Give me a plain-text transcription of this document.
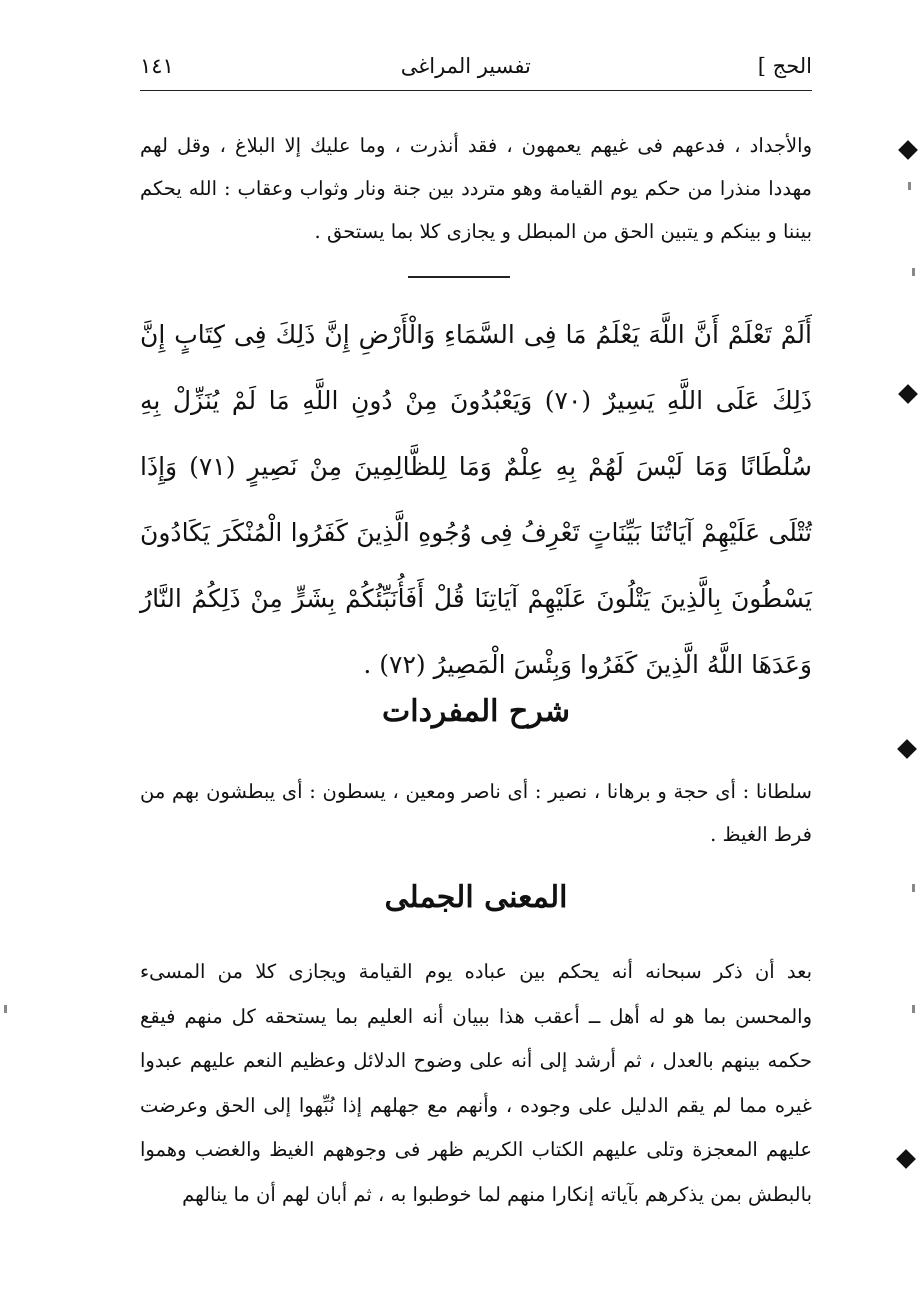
الحج ]
تفسير المراغى
١٤١

والأجداد ، فدعهم فى غيهم يعمهون ، فقد أنذرت ، وما عليك إلا البلاغ ، وقل لهم مهددا منذرا من حكم يوم القيامة وهو متردد بين جنة ونار وثواب وعقاب : الله يحكم بيننا و بينكم و يتبين الحق من المبطل و يجازى كلا بما يستحق .

أَلَمْ تَعْلَمْ أَنَّ اللَّهَ يَعْلَمُ مَا فِى السَّمَاءِ وَالْأَرْضِ إِنَّ ذَلِكَ فِى كِتَابٍ إِنَّ ذَلِكَ عَلَى اللَّهِ يَسِيرٌ (٧٠) وَيَعْبُدُونَ مِنْ دُونِ اللَّهِ مَا لَمْ يُنَزِّلْ بِهِ سُلْطَانًا وَمَا لَيْسَ لَهُمْ بِهِ عِلْمٌ وَمَا لِلظَّالِمِينَ مِنْ نَصِيرٍ (٧١) وَإِذَا تُتْلَى عَلَيْهِمْ آيَاتُنَا بَيِّنَاتٍ تَعْرِفُ فِى وُجُوهِ الَّذِينَ كَفَرُوا الْمُنْكَرَ يَكَادُونَ يَسْطُونَ بِالَّذِينَ يَتْلُونَ عَلَيْهِمْ آيَاتِنَا قُلْ أَفَأُنَبِّئُكُمْ بِشَرٍّ مِنْ ذَلِكُمُ النَّارُ وَعَدَهَا اللَّهُ الَّذِينَ كَفَرُوا وَبِئْسَ الْمَصِيرُ (٧٢) .

شرح المفردات

سلطانا : أى حجة و برهانا ، نصير : أى ناصر ومعين ، يسطون : أى يبطشون بهم من فرط الغيظ .

المعنى الجملى

بعد أن ذكر سبحانه أنه يحكم بين عباده يوم القيامة ويجازى كلا من المسىء والمحسن بما هو له أهل ــ أعقب هذا ببيان أنه العليم بما يستحقه كل منهم فيقع حكمه بينهم بالعدل ، ثم أرشد إلى أنه على وضوح الدلائل وعظيم النعم عليهم عبدوا غيره مما لم يقم الدليل على وجوده ، وأنهم مع جهلهم إذا نُبِّهوا إلى الحق وعرضت عليهم المعجزة وتلى عليهم الكتاب الكريم ظهر فى وجوههم الغيظ والغضب وهموا بالبطش بمن يذكرهم بآياته إنكارا منهم لما خوطبوا به ، ثم أبان لهم أن ما ينالهم
